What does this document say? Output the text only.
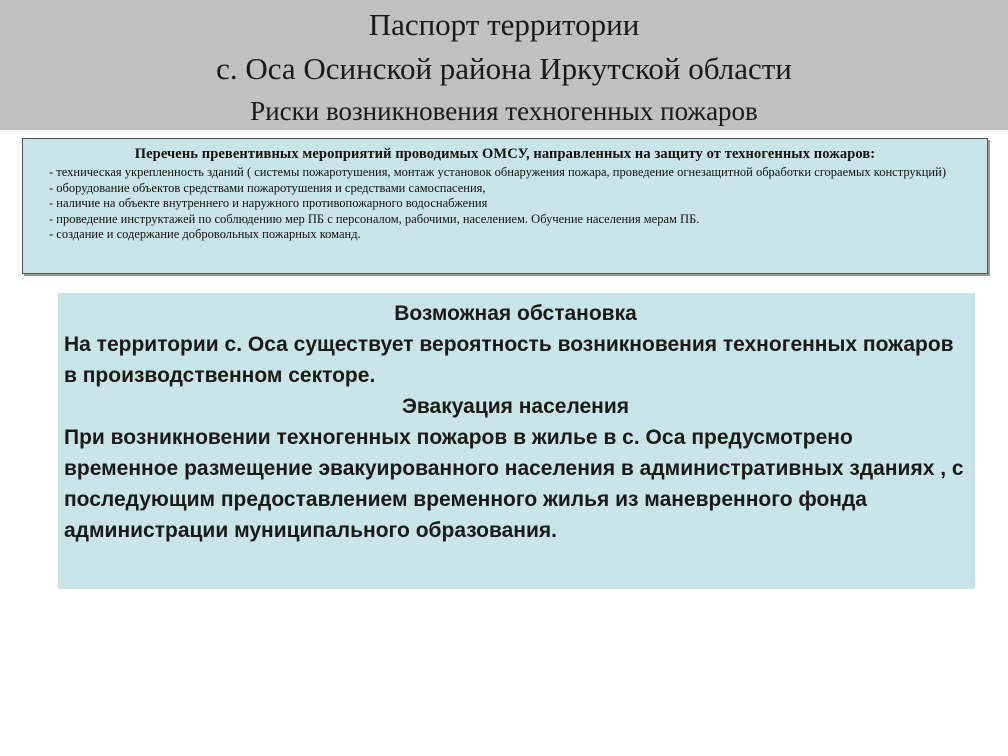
Паспорт территории
с. Оса Осинской района Иркутской области
Риски возникновения техногенных пожаров
Перечень превентивных мероприятий проводимых ОМСУ, направленных на защиту от техногенных пожаров:

- техническая укрепленность зданий ( системы пожаротушения, монтаж установок обнаружения пожара, проведение огнезащитной обработки сгораемых конструкций)

- оборудование объектов средствами пожаротушения и средствами самоспасения,

- наличие на объекте внутреннего и наружного противопожарного водоснабжения

- проведение инструктажей по соблюдению мер ПБ с персоналом, рабочими, населением. Обучение населения мерам ПБ.

- создание и содержание добровольных пожарных команд.

Возможная обстановка

На территории с. Оса существует вероятность возникновения техногенных пожаров в производственном секторе.

Эвакуация населения

При возникновении техногенных пожаров в жилье в с. Оса предусмотрено временное размещение эвакуированного населения в административных зданиях , с последующим предоставлением временного жилья из маневренного фонда администрации муниципального образования.
